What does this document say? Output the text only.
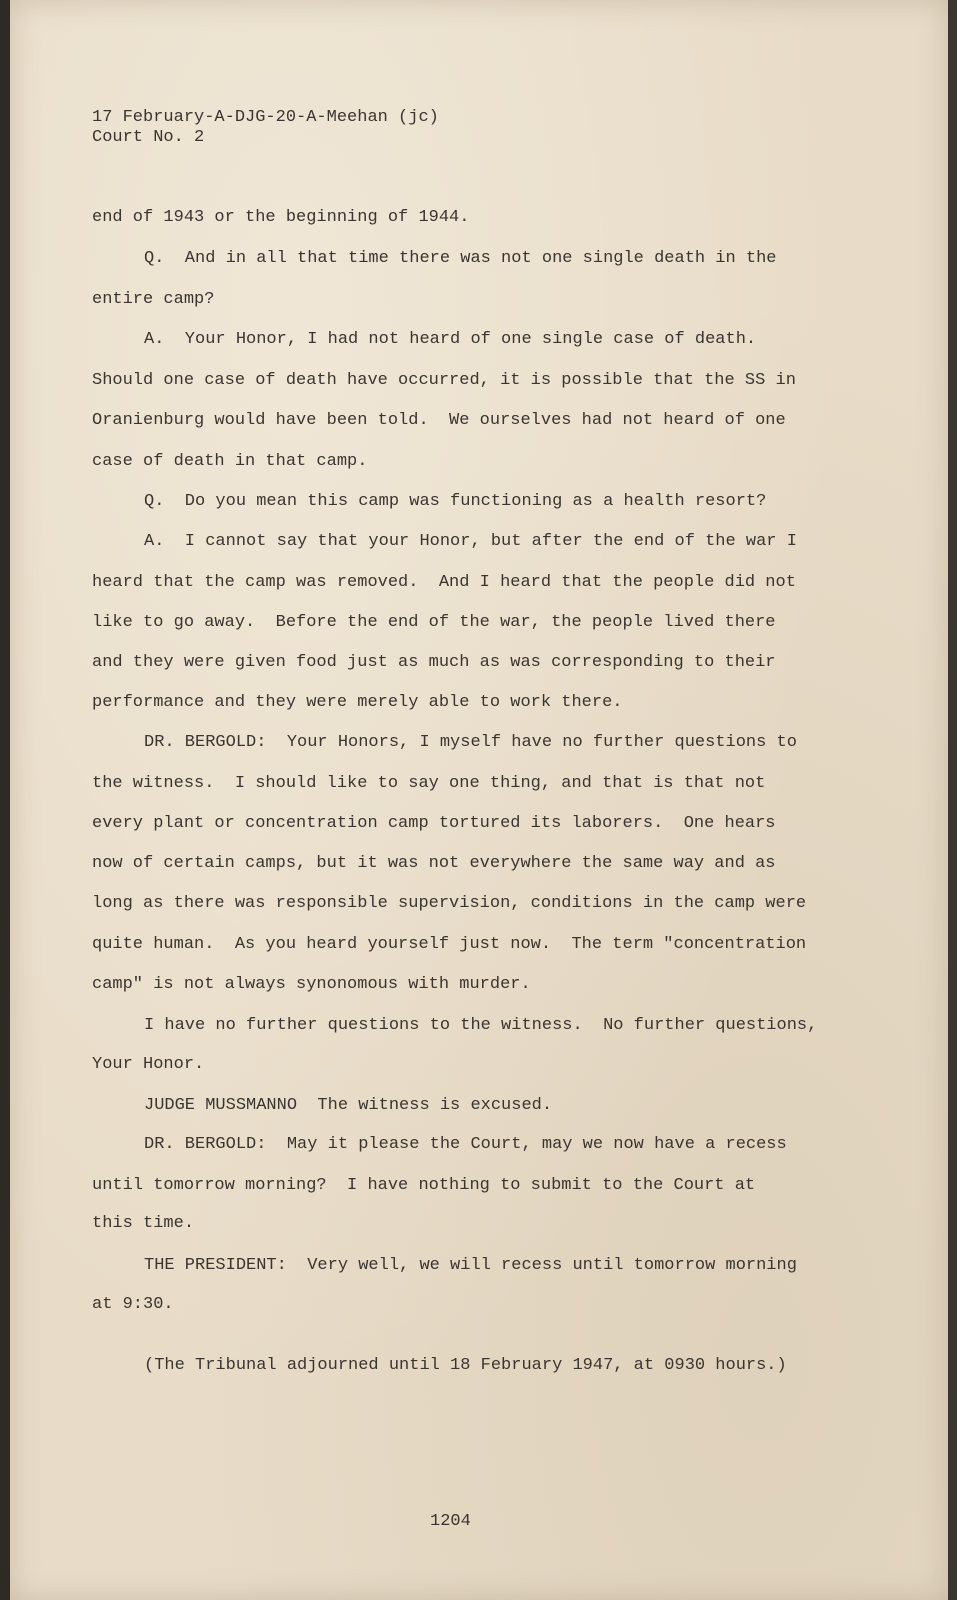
17 February-A-DJG-20-A-Meehan (jc)
Court No. 2
end of 1943 or the beginning of 1944.
Q.  And in all that time there was not one single death in the
entire camp?
A.  Your Honor, I had not heard of one single case of death.
Should one case of death have occurred, it is possible that the SS in
Oranienburg would have been told.  We ourselves had not heard of one
case of death in that camp.
Q.  Do you mean this camp was functioning as a health resort?
A.  I cannot say that your Honor, but after the end of the war I
heard that the camp was removed.  And I heard that the people did not
like to go away.  Before the end of the war, the people lived there
and they were given food just as much as was corresponding to their
performance and they were merely able to work there.
DR. BERGOLD:  Your Honors, I myself have no further questions to
the witness.  I should like to say one thing, and that is that not
every plant or concentration camp tortured its laborers.  One hears
now of certain camps, but it was not everywhere the same way and as
long as there was responsible supervision, conditions in the camp were
quite human.  As you heard yourself just now.  The term "concentration
camp" is not always synonomous with murder.
I have no further questions to the witness.  No further questions,
Your Honor.
JUDGE MUSSMANNO  The witness is excused.
DR. BERGOLD:  May it please the Court, may we now have a recess
until tomorrow morning?  I have nothing to submit to the Court at
this time.
THE PRESIDENT:  Very well, we will recess until tomorrow morning
at 9:30.
(The Tribunal adjourned until 18 February 1947, at 0930 hours.)
1204
